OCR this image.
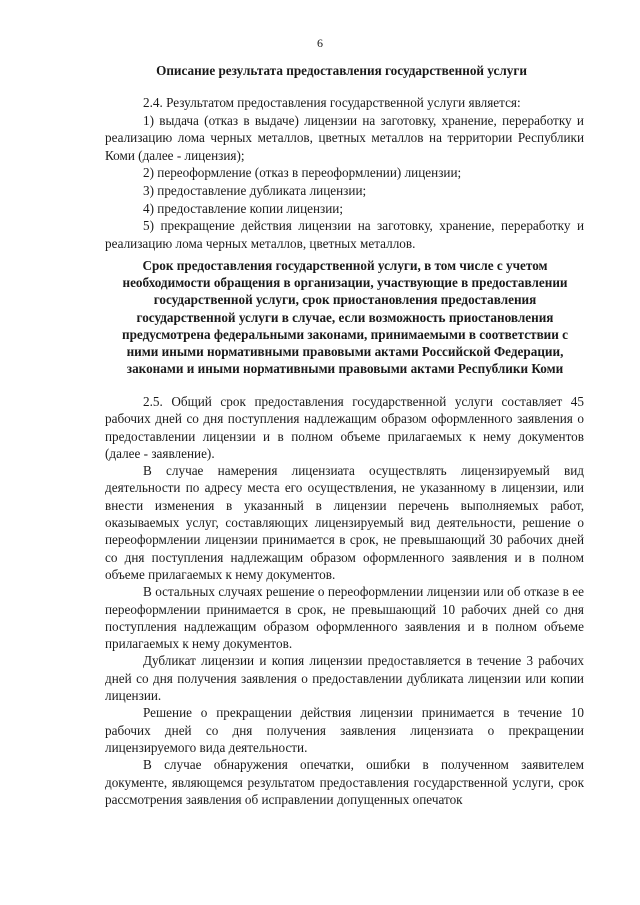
6
Описание результата предоставления государственной услуги

2.4. Результатом предоставления государственной услуги является:

1) выдача (отказ в выдаче) лицензии на заготовку, хранение, переработку и реализацию лома черных металлов, цветных металлов на территории Республики Коми (далее - лицензия);

2) переоформление (отказ в переоформлении) лицензии;

3) предоставление дубликата лицензии;

4) предоставление копии лицензии;

5) прекращение действия лицензии на заготовку, хранение, переработку и реализацию лома черных металлов, цветных металлов.

Срок предоставления государственной услуги, в том числе с учетом необходимости обращения в организации, участвующие в предоставлении государственной услуги, срок приостановления предоставления государственной услуги в случае, если возможность приостановления предусмотрена федеральными законами, принимаемыми в соответствии с ними иными нормативными правовыми актами Российской Федерации, законами и иными нормативными правовыми актами Республики Коми

2.5. Общий срок предоставления государственной услуги составляет 45 рабочих дней со дня поступления надлежащим образом оформленного заявления о предоставлении лицензии и в полном объеме прилагаемых к нему документов (далее - заявление).

В случае намерения лицензиата осуществлять лицензируемый вид деятельности по адресу места его осуществления, не указанному в лицензии, или внести изменения в указанный в лицензии перечень выполняемых работ, оказываемых услуг, составляющих лицензируемый вид деятельности, решение о переоформлении лицензии принимается в срок, не превышающий 30 рабочих дней со дня поступления надлежащим образом оформленного заявления и в полном объеме прилагаемых к нему документов.

В остальных случаях решение о переоформлении лицензии или об отказе в ее переоформлении принимается в срок, не превышающий 10 рабочих дней со дня поступления надлежащим образом оформленного заявления и в полном объеме прилагаемых к нему документов.

Дубликат лицензии и копия лицензии предоставляется в течение 3 рабочих дней со дня получения заявления о предоставлении дубликата лицензии или копии лицензии.

Решение о прекращении действия лицензии принимается в течение 10 рабочих дней со дня получения заявления лицензиата о прекращении лицензируемого вида деятельности.

В случае обнаружения опечатки, ошибки в полученном заявителем документе, являющемся результатом предоставления государственной услуги, срок рассмотрения заявления об исправлении допущенных опечаток
